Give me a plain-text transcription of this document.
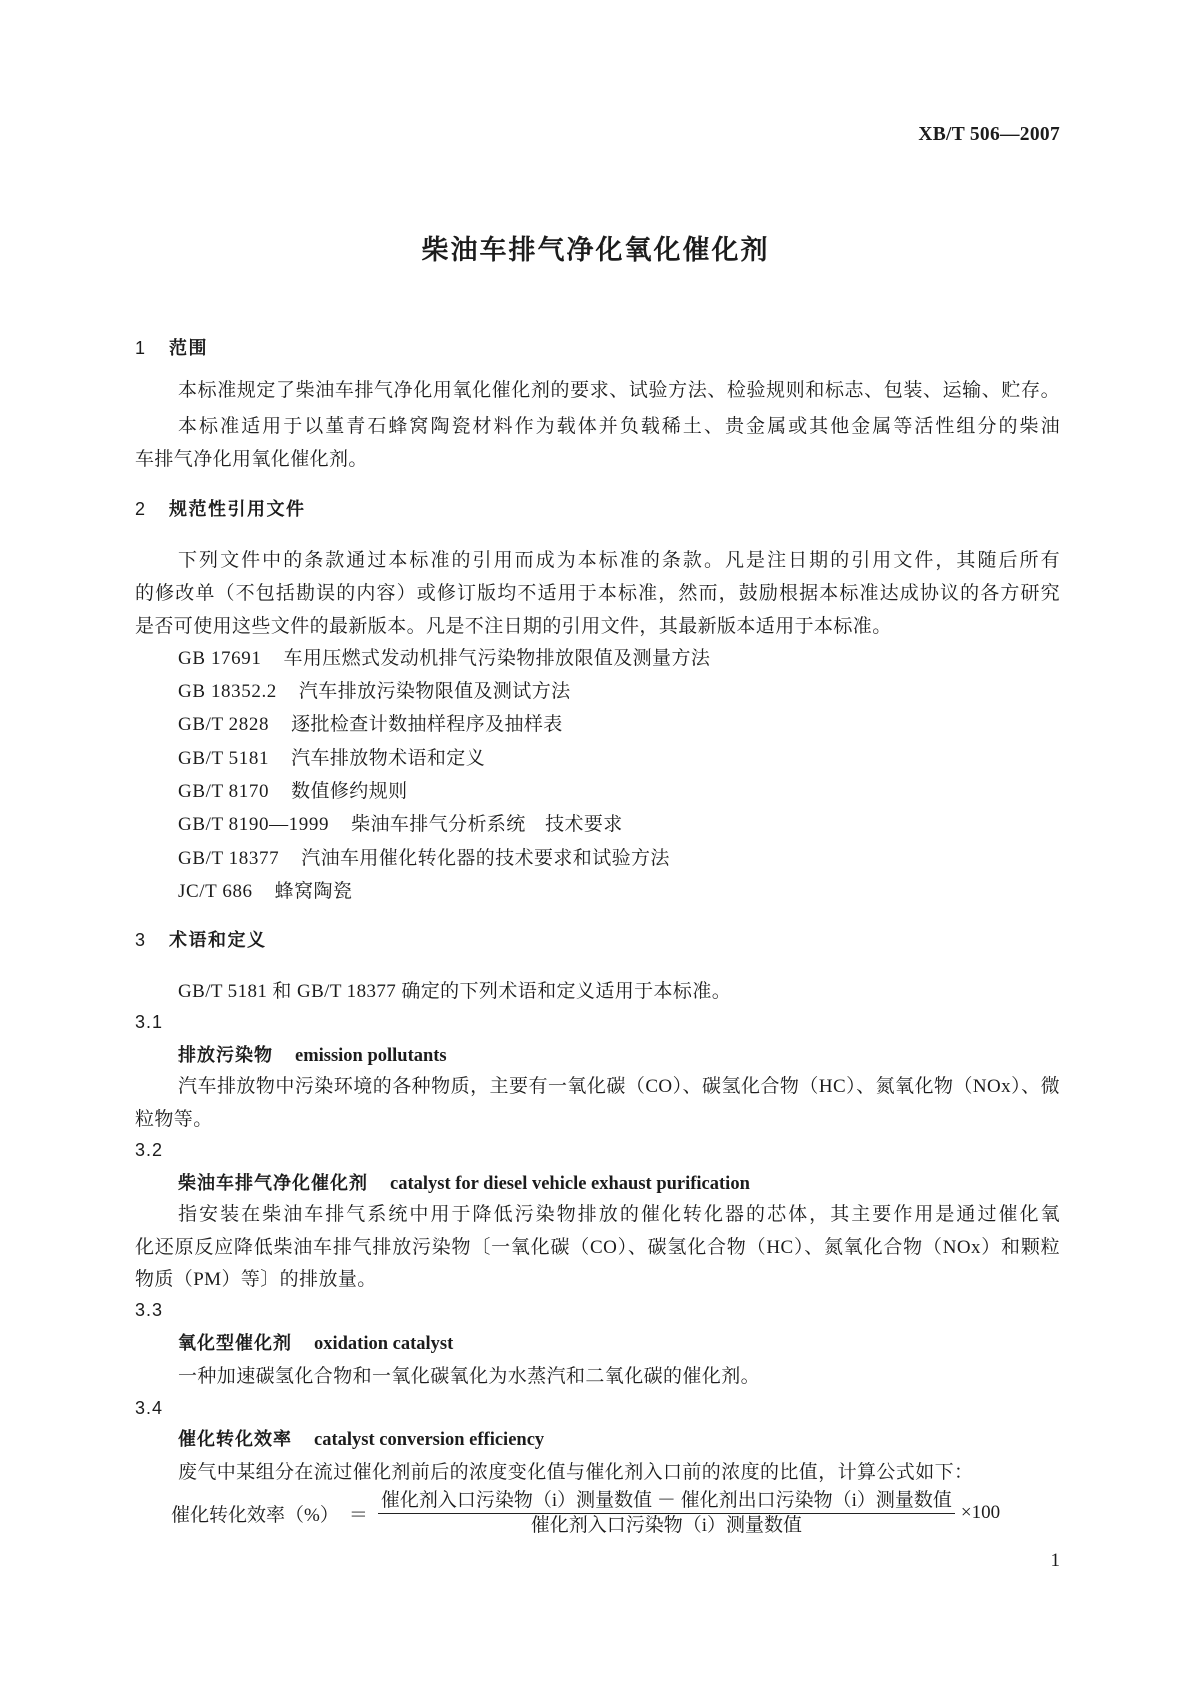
XB/T 506—2007
柴油车排气净化氧化催化剂
1 范围
本标准规定了柴油车排气净化用氧化催化剂的要求、试验方法、检验规则和标志、包装、运输、贮存。
本标准适用于以堇青石蜂窝陶瓷材料作为载体并负载稀土、贵金属或其他金属等活性组分的柴油
车排气净化用氧化催化剂。
2 规范性引用文件
下列文件中的条款通过本标准的引用而成为本标准的条款。凡是注日期的引用文件，其随后所有
的修改单（不包括勘误的内容）或修订版均不适用于本标准，然而，鼓励根据本标准达成协议的各方研究
是否可使用这些文件的最新版本。凡是不注日期的引用文件，其最新版本适用于本标准。
GB 17691 车用压燃式发动机排气污染物排放限值及测量方法
GB 18352.2 汽车排放污染物限值及测试方法
GB/T 2828 逐批检查计数抽样程序及抽样表
GB/T 5181 汽车排放物术语和定义
GB/T 8170 数值修约规则
GB/T 8190—1999 柴油车排气分析系统　技术要求
GB/T 18377 汽油车用催化转化器的技术要求和试验方法
JC/T 686 蜂窝陶瓷
3 术语和定义
GB/T 5181 和 GB/T 18377 确定的下列术语和定义适用于本标准。
3.1
排放污染物 emission pollutants
汽车排放物中污染环境的各种物质，主要有一氧化碳（CO）、碳氢化合物（HC）、氮氧化物（NOx）、微
粒物等。
3.2
柴油车排气净化催化剂 catalyst for diesel vehicle exhaust purification
指安装在柴油车排气系统中用于降低污染物排放的催化转化器的芯体，其主要作用是通过催化氧
化还原反应降低柴油车排气排放污染物〔一氧化碳（CO）、碳氢化合物（HC）、氮氧化合物（NOx）和颗粒
物质（PM）等〕的排放量。
3.3
氧化型催化剂 oxidation catalyst
一种加速碳氢化合物和一氧化碳氧化为水蒸汽和二氧化碳的催化剂。
3.4
催化转化效率 catalyst conversion efficiency
废气中某组分在流过催化剂前后的浓度变化值与催化剂入口前的浓度的比值，计算公式如下：
催化转化效率（%） ＝ $\frac{\text{催化剂入口污染物（i）测量数值 － 催化剂出口污染物（i）测量数值}}{\text{催化剂入口污染物（i）测量数值}} \times 100$
1
